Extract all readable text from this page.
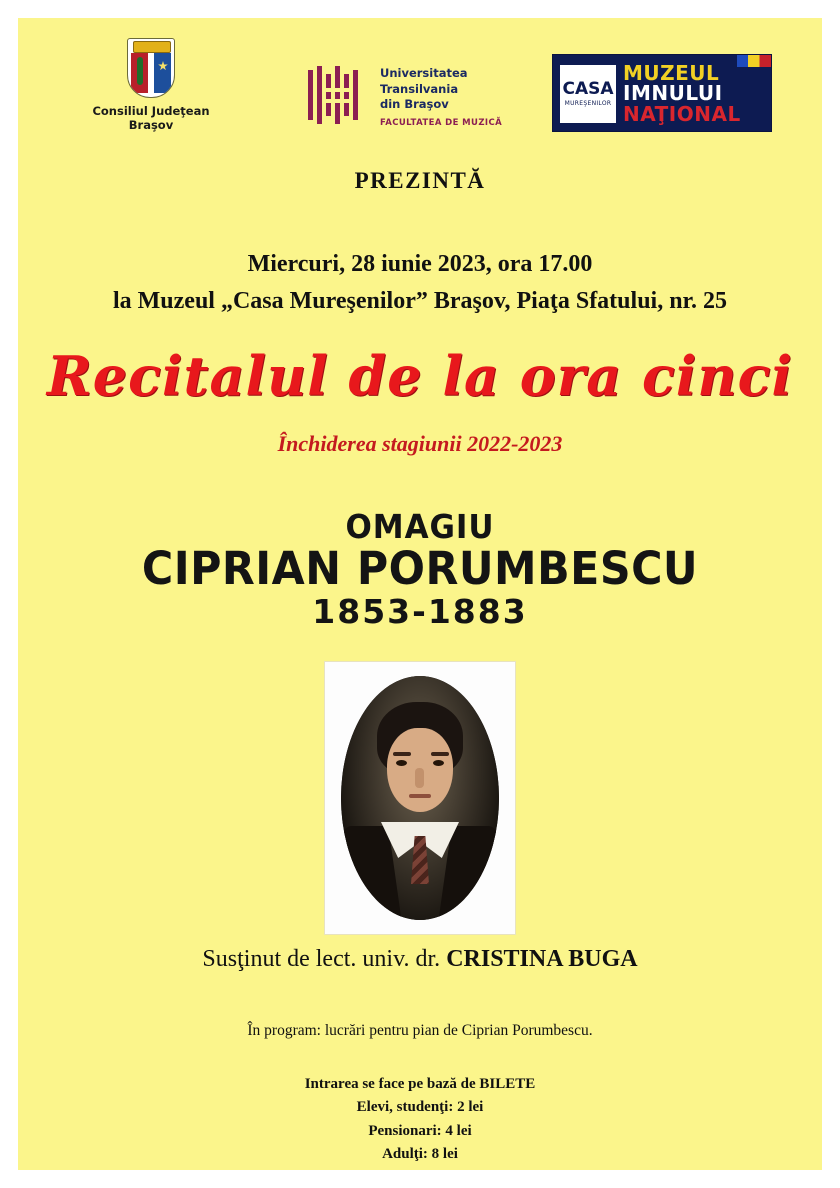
Consiliul Judeţean
Braşov
Universitatea
Transilvania
din Braşov
FACULTATEA DE MUZICĂ
CASA
MUREŞENILOR
MUZEUL
IMNULUI
NAŢIONAL
PREZINTĂ
Miercuri, 28 iunie 2023, ora 17.00
la Muzeul „Casa Mureşenilor” Braşov, Piaţa Sfatului, nr. 25
Recitalul de la ora cinci
Închiderea stagiunii 2022-2023
OMAGIU
CIPRIAN PORUMBESCU
1853-1883
Susţinut de lect. univ. dr. CRISTINA BUGA
În program: lucrări pentru pian de Ciprian Porumbescu.
Intrarea se face pe bază de BILETE
Elevi, studenţi: 2 lei
Pensionari: 4 lei
Adulţi: 8 lei
